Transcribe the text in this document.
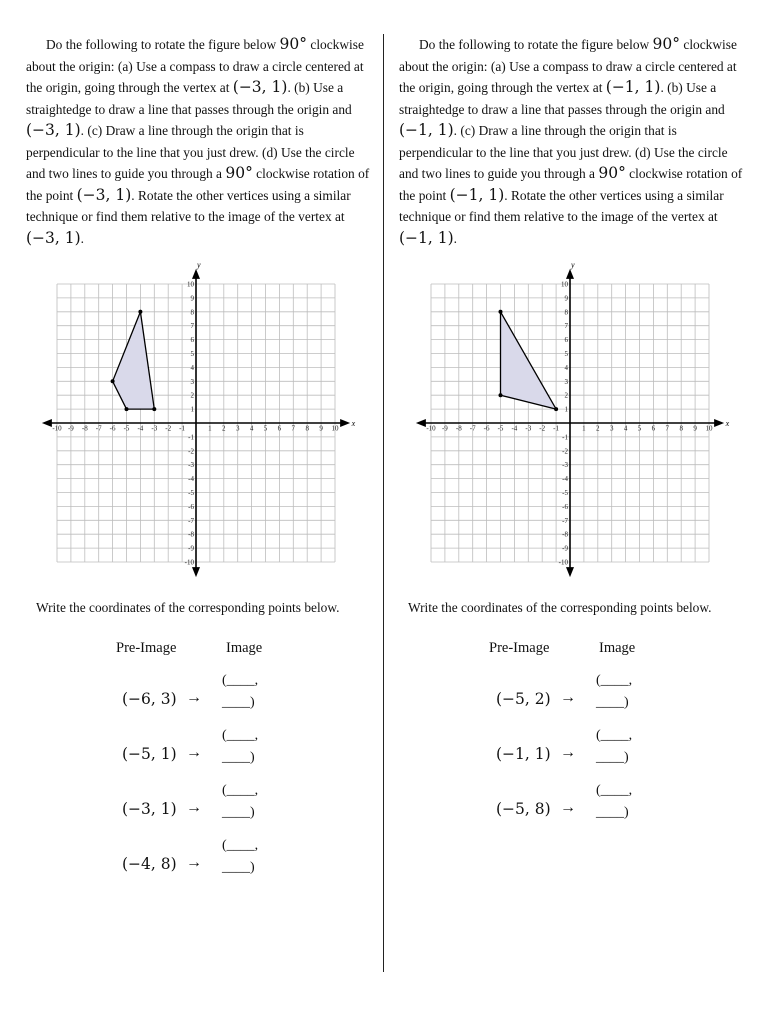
Do the following to rotate the figure below 90° clockwise about the origin: (a) Use a compass to draw a circle centered at the origin, going through the vertex at (−3, 1). (b) Use a straightedge to draw a line that passes through the origin and (−3, 1). (c) Draw a line through the origin that is perpendicular to the line that you just drew. (d) Use the circle and two lines to guide you through a 90° clockwise rotation of the point (−3, 1). Rotate the other vertices using a similar technique or find them relative to the image of the vertex at (−3, 1).

x
y
-10 -9 -8 -7 -6 -5 -4 -3 -2 -1	1 2 3 4 5 6 7 8 9 10
10
9
8
7
6
5
4
3
2
1
-1
-2
-3
-4
-5
-6
-7
-8
-9
-10
Write the coordinates of the corresponding points below.
Pre-Image	Image
(−6, 3) →
(____,
____)
(−5, 1) →
(____,
____)
(−3, 1) →
(____,
____)
(−4, 8) →
(____,
____)

Do the following to rotate the figure below 90° clockwise about the origin: (a) Use a compass to draw a circle centered at the origin, going through the vertex at (−1, 1). (b) Use a straightedge to draw a line that passes through the origin and (−1, 1). (c) Draw a line through the origin that is perpendicular to the line that you just drew. (d) Use the circle and two lines to guide you through a 90° clockwise rotation of the point (−1, 1). Rotate the other vertices using a similar technique or find them relative to the image of the vertex at (−1, 1).

x
y
-10 -9 -8 -7 -6 -5 -4 -3 -2 -1	1 2 3 4 5 6 7 8 9 10
10
9
8
7
6
5
4
3
2
1
-1
-2
-3
-4
-5
-6
-7
-8
-9
-10
Write the coordinates of the corresponding points below.
Pre-Image	Image
(−5, 2) →
(____,
____)
(−1, 1) →
(____,
____)
(−5, 8) →
(____,
____)
